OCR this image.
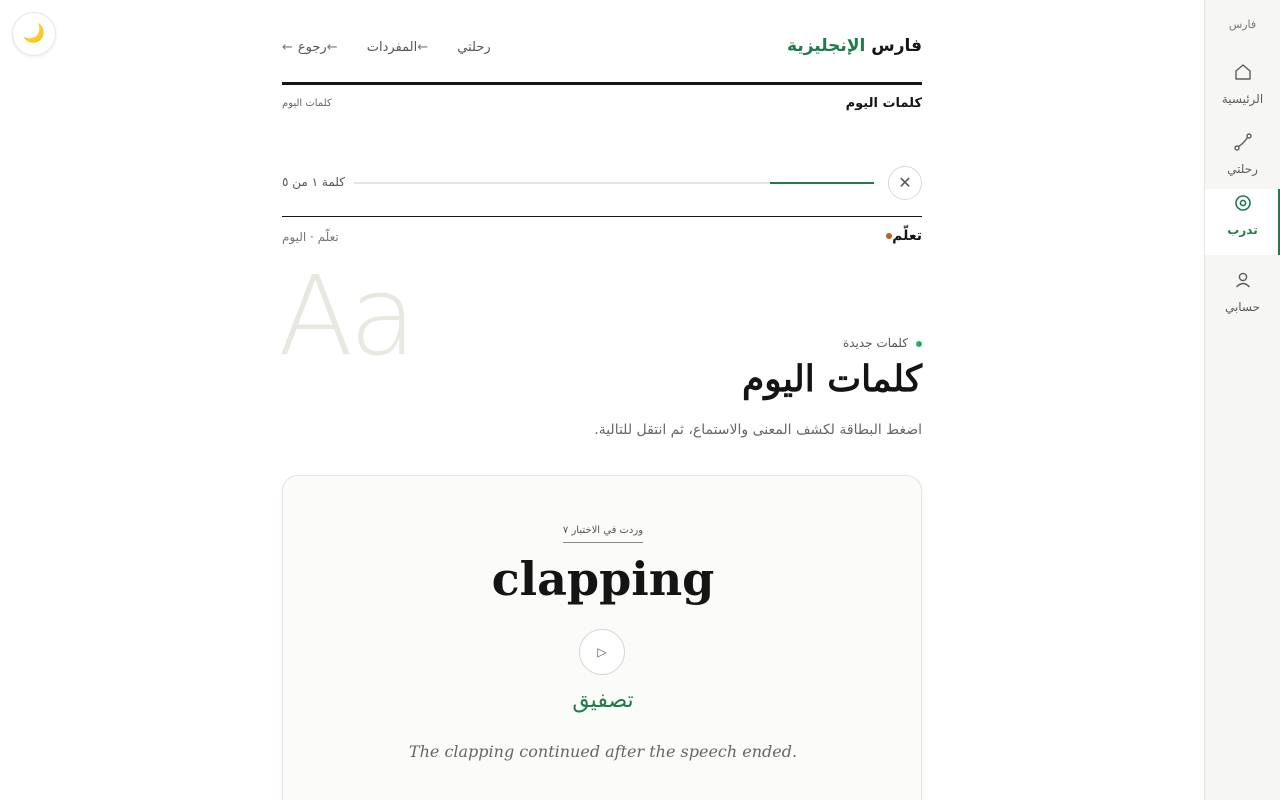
🌙	فارس
الرئيسية
رحلتي
تدرب
حسابي
فارس الإنجليزية
←	رحلتي ←المفردات ←رجوع
كلمات اليوم
كلمات اليوم
✕
كلمة ١ من ٥
تعلّم
تعلّم · اليوم
Aa	كلمات جديدة
كلمات اليوم

اضغط البطاقة لكشف المعنى والاستماع، ثم انتقل للتالية.

وردت في الاختبار ٧
clapping
▷
تصفيق
The clapping continued after the speech ended.
